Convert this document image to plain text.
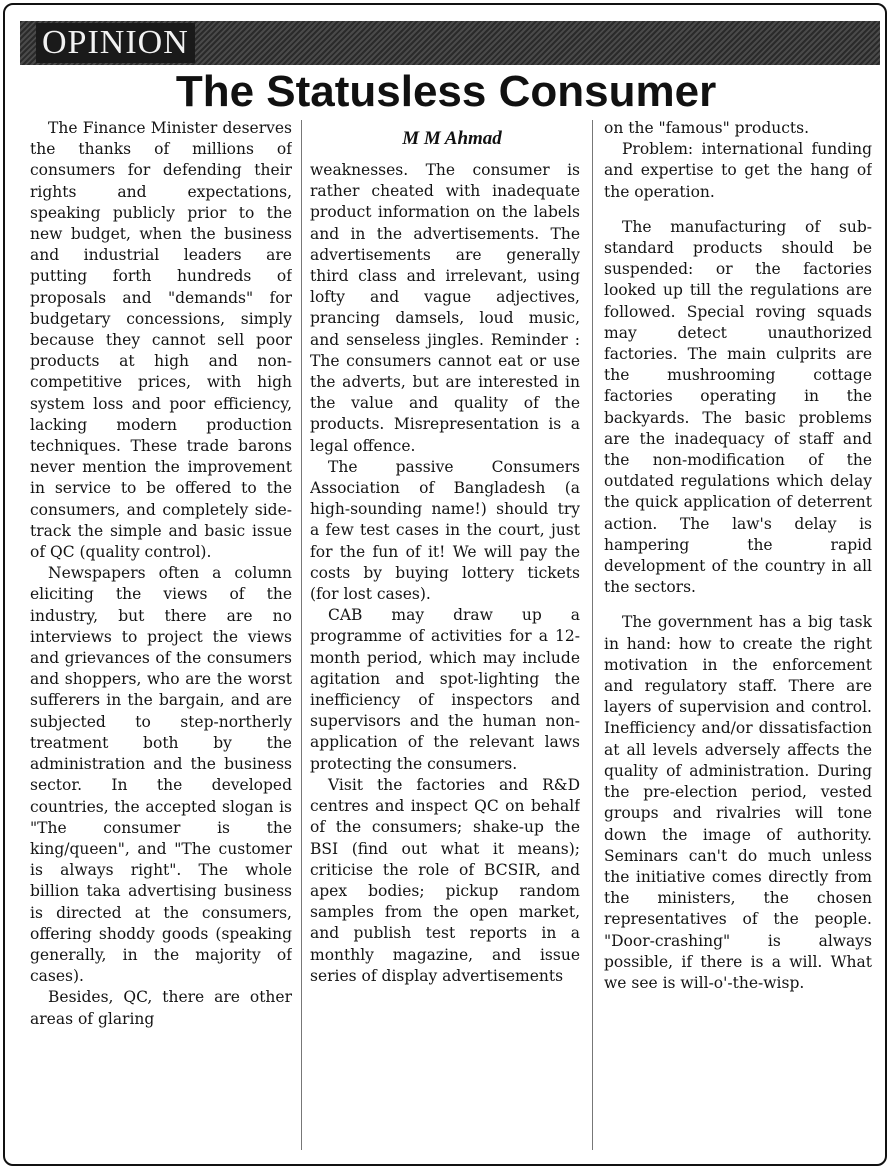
OPINION
The Statusless Consumer
M M Ahmad

The Finance Minister deserves the thanks of millions of consumers for defending their rights and expectations, speaking publicly prior to the new budget, when the business and industrial leaders are putting forth hundreds of proposals and "demands" for budgetary concessions, simply because they cannot sell poor products at high and non-competitive prices, with high system loss and poor efficiency, lacking modern production techniques. These trade barons never mention the improvement in service to be offered to the consumers, and completely side-track the simple and basic issue of QC (quality control).

Newspapers often a column eliciting the views of the industry, but there are no interviews to project the views and grievances of the consumers and shoppers, who are the worst sufferers in the bargain, and are subjected to step-northerly treatment both by the administration and the business sector. In the developed countries, the accepted slogan is "The consumer is the king/queen", and "The customer is always right". The whole billion taka advertising business is directed at the consumers, offering shoddy goods (speaking generally, in the majority of cases).

Besides, QC, there are other areas of glaring

weaknesses. The consumer is rather cheated with inadequate product information on the labels and in the advertisements. The advertisements are generally third class and irrelevant, using lofty and vague adjectives, prancing damsels, loud music, and senseless jingles. Reminder : The consumers cannot eat or use the adverts, but are interested in the value and quality of the products. Misrepresentation is a legal offence.

The passive Consumers Association of Bangladesh (a high-sounding name!) should try a few test cases in the court, just for the fun of it! We will pay the costs by buying lottery tickets (for lost cases).

CAB may draw up a programme of activities for a 12-month period, which may include agitation and spot-lighting the inefficiency of inspectors and supervisors and the human non-application of the relevant laws protecting the consumers.

Visit the factories and R&D centres and inspect QC on behalf of the consumers; shake-up the BSI (find out what it means); criticise the role of BCSIR, and apex bodies; pickup random samples from the open market, and publish test reports in a monthly magazine, and issue series of display advertisements

on the "famous" products.

Problem: international funding and expertise to get the hang of the operation.

The manufacturing of sub-standard products should be suspended: or the factories looked up till the regulations are followed. Special roving squads may detect unauthorized factories. The main culprits are the mushrooming cottage factories operating in the backyards. The basic problems are the inadequacy of staff and the non-modification of the outdated regulations which delay the quick application of deterrent action. The law's delay is hampering the rapid development of the country in all the sectors.

The government has a big task in hand: how to create the right motivation in the enforcement and regulatory staff. There are layers of supervision and control. Inefficiency and/or dissatisfaction at all levels adversely affects the quality of administration. During the pre-election period, vested groups and rivalries will tone down the image of authority. Seminars can't do much unless the initiative comes directly from the ministers, the chosen representatives of the people. "Door-crashing" is always possible, if there is a will. What we see is will-o'-the-wisp.
